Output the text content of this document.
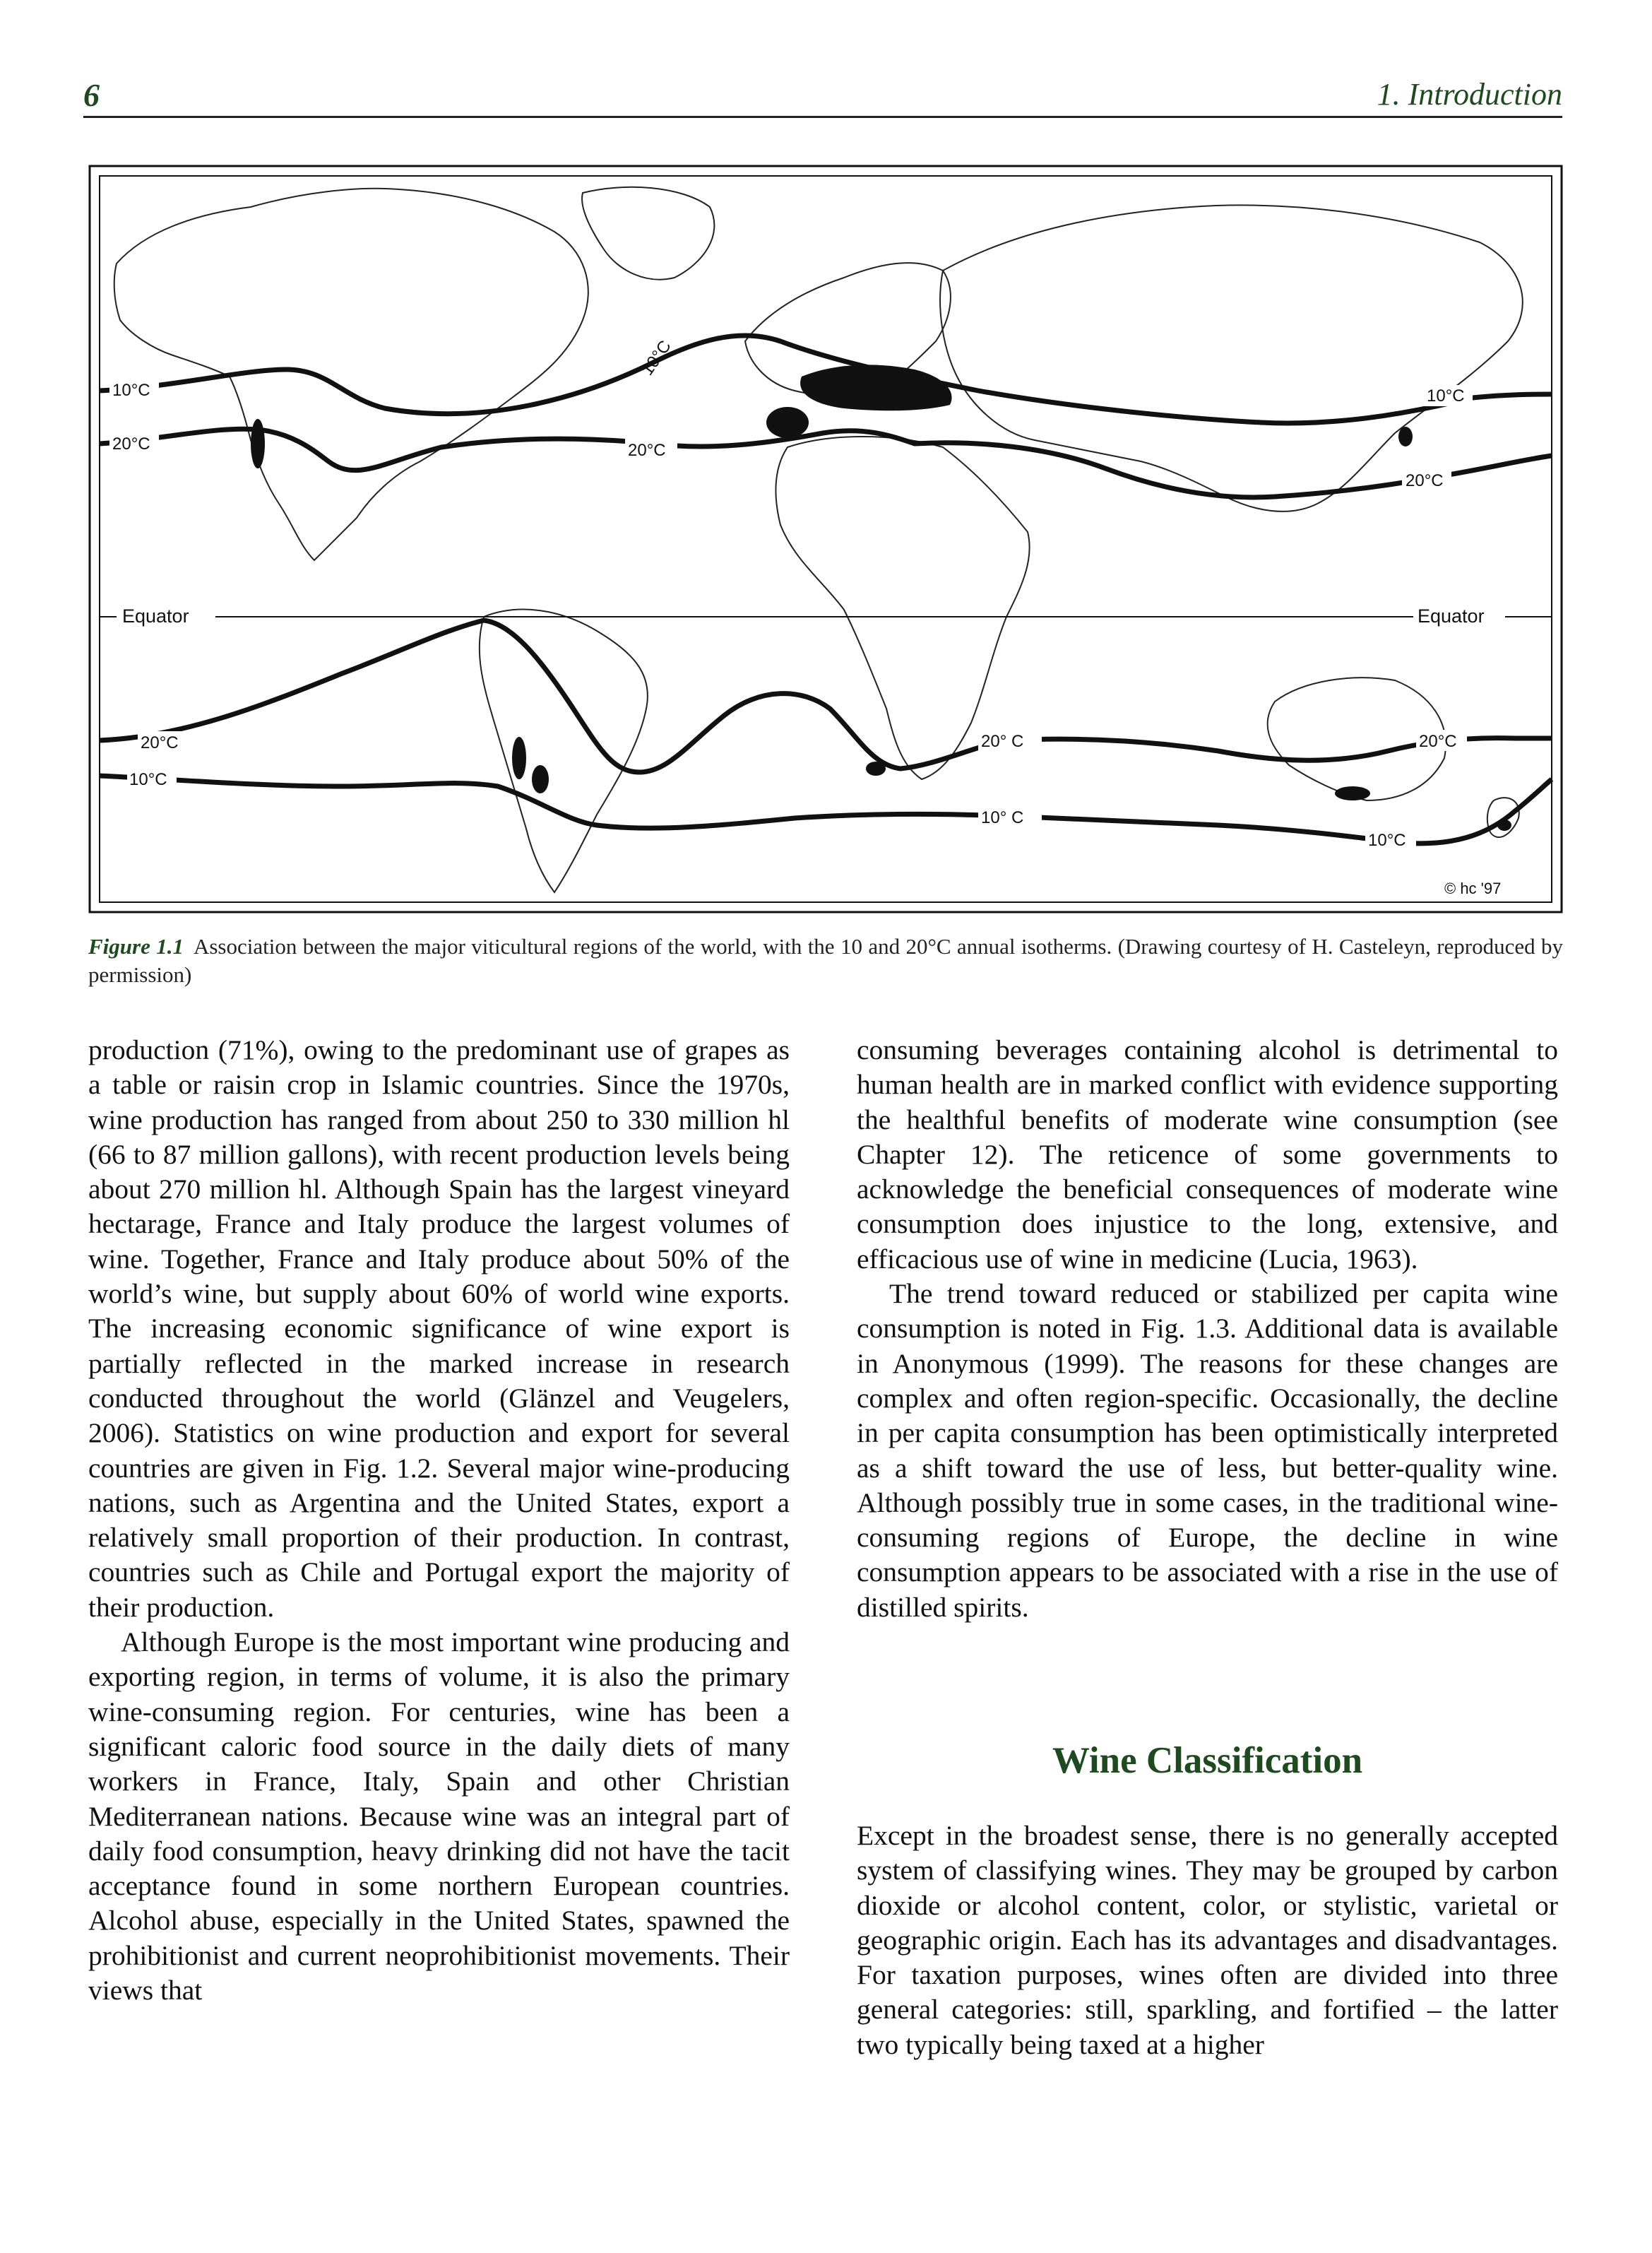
6	1. Introduction
Equator	Equator
10°C
20°C
10°C
20°C
10°C
20°C
20°C
10°C
20° C
10° C
20°C
10°C
© hc '97
Figure 1.1 Association between the major viticultural regions of the world, with the 10 and 20°C annual isotherms. (Drawing courtesy of H. Casteleyn, reproduced by permission)

production (71%), owing to the predominant use of grapes as a table or raisin crop in Islamic countries. Since the 1970s, wine production has ranged from about 250 to 330 million hl (66 to 87 million gallons), with recent production levels being about 270 million hl. Although Spain has the largest vineyard hectarage, France and Italy produce the largest volumes of wine. Together, France and Italy produce about 50% of the world’s wine, but supply about 60% of world wine exports. The increasing economic significance of wine export is partially reflected in the marked increase in research conducted throughout the world (Glänzel and Veugelers, 2006). Statistics on wine production and export for several countries are given in Fig. 1.2. Several major wine-producing nations, such as Argentina and the United States, export a relatively small proportion of their production. In contrast, countries such as Chile and Portugal export the majority of their production.

Although Europe is the most important wine producing and exporting region, in terms of volume, it is also the primary wine-consuming region. For centuries, wine has been a significant caloric food source in the daily diets of many workers in France, Italy, Spain and other Christian Mediterranean nations. Because wine was an integral part of daily food consumption, heavy drinking did not have the tacit acceptance found in some northern European countries. Alcohol abuse, especially in the United States, spawned the prohibitionist and current neoprohibitionist movements. Their views that

consuming beverages containing alcohol is detrimental to human health are in marked conflict with evidence supporting the healthful benefits of moderate wine consumption (see Chapter 12). The reticence of some governments to acknowledge the beneficial consequences of moderate wine consumption does injustice to the long, extensive, and efficacious use of wine in medicine (Lucia, 1963).

The trend toward reduced or stabilized per capita wine consumption is noted in Fig. 1.3. Additional data is available in Anonymous (1999). The reasons for these changes are complex and often region-specific. Occasionally, the decline in per capita consumption has been optimistically interpreted as a shift toward the use of less, but better-quality wine. Although possibly true in some cases, in the traditional wine-consuming regions of Europe, the decline in wine consumption appears to be associated with a rise in the use of distilled spirits.

Wine Classification

Except in the broadest sense, there is no generally accepted system of classifying wines. They may be grouped by carbon dioxide or alcohol content, color, or stylistic, varietal or geographic origin. Each has its advantages and disadvantages. For taxation purposes, wines often are divided into three general categories: still, sparkling, and fortified – the latter two typically being taxed at a higher
